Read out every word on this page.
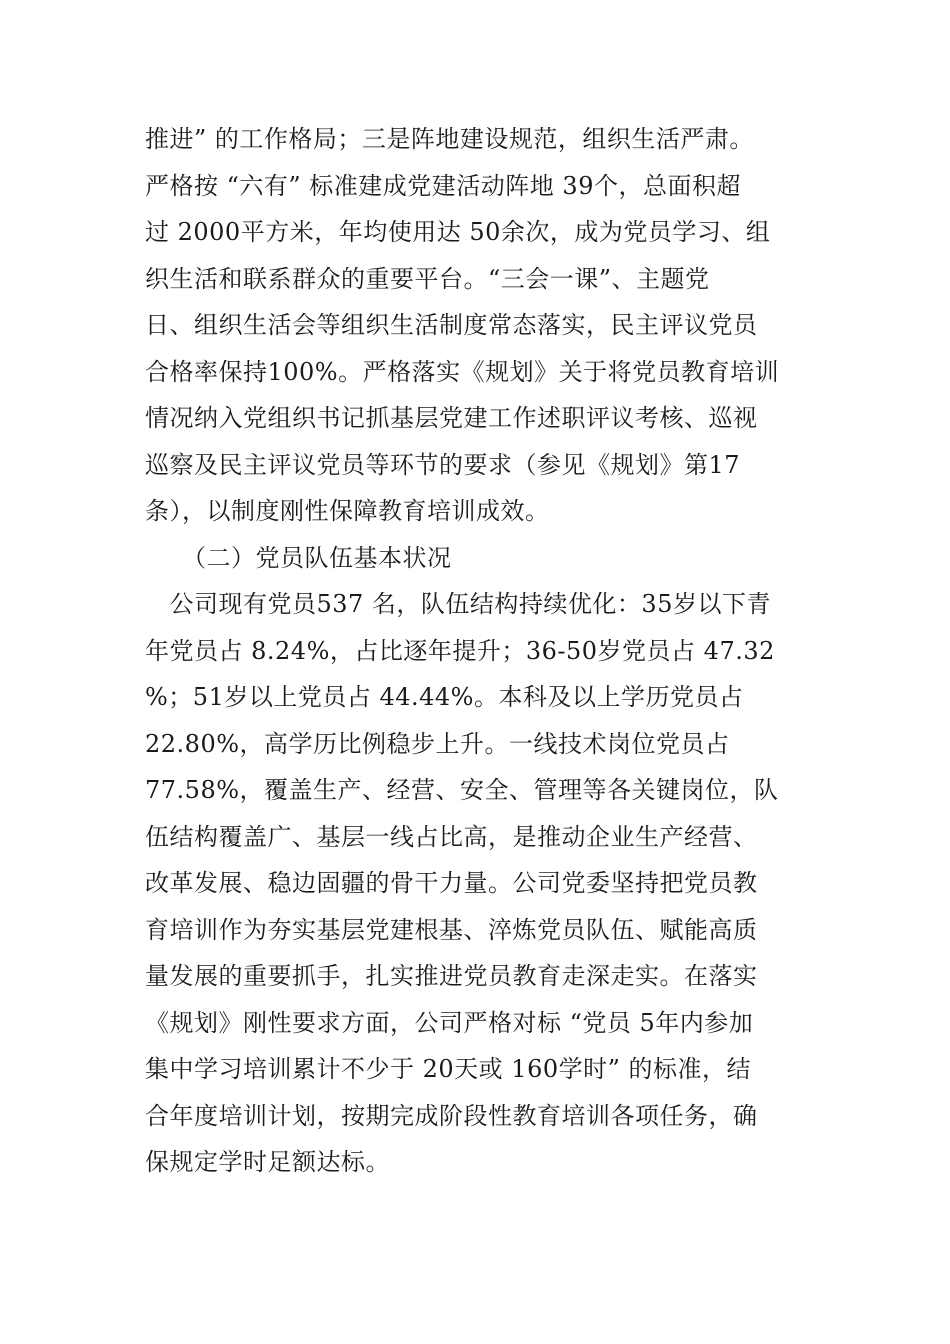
推进” 的工作格局；三是阵地建设规范，组织生活严肃。
严格按 “六有” 标准建成党建活动阵地 39个，总面积超
过 2000平方米，年均使用达 50余次，成为党员学习、组
织生活和联系群众的重要平台。“三会一课”、主题党
日、组织生活会等组织生活制度常态落实，民主评议党员
合格率保持100%。严格落实《规划》关于将党员教育培训
情况纳入党组织书记抓基层党建工作述职评议考核、巡视
巡察及民主评议党员等环节的要求（参见《规划》第17
条），以制度刚性保障教育培训成效。
　　（二）党员队伍基本状况
　公司现有党员537 名，队伍结构持续优化：35岁以下青
年党员占 8.24%，占比逐年提升；36-50岁党员占 47.32
%；51岁以上党员占 44.44%。本科及以上学历党员占
22.80%，高学历比例稳步上升。一线技术岗位党员占
77.58%，覆盖生产、经营、安全、管理等各关键岗位，队
伍结构覆盖广、基层一线占比高，是推动企业生产经营、
改革发展、稳边固疆的骨干力量。公司党委坚持把党员教
育培训作为夯实基层党建根基、淬炼党员队伍、赋能高质
量发展的重要抓手，扎实推进党员教育走深走实。在落实
《规划》刚性要求方面，公司严格对标 “党员 5年内参加
集中学习培训累计不少于 20天或 160学时” 的标准，结
合年度培训计划，按期完成阶段性教育培训各项任务，确
保规定学时足额达标。
